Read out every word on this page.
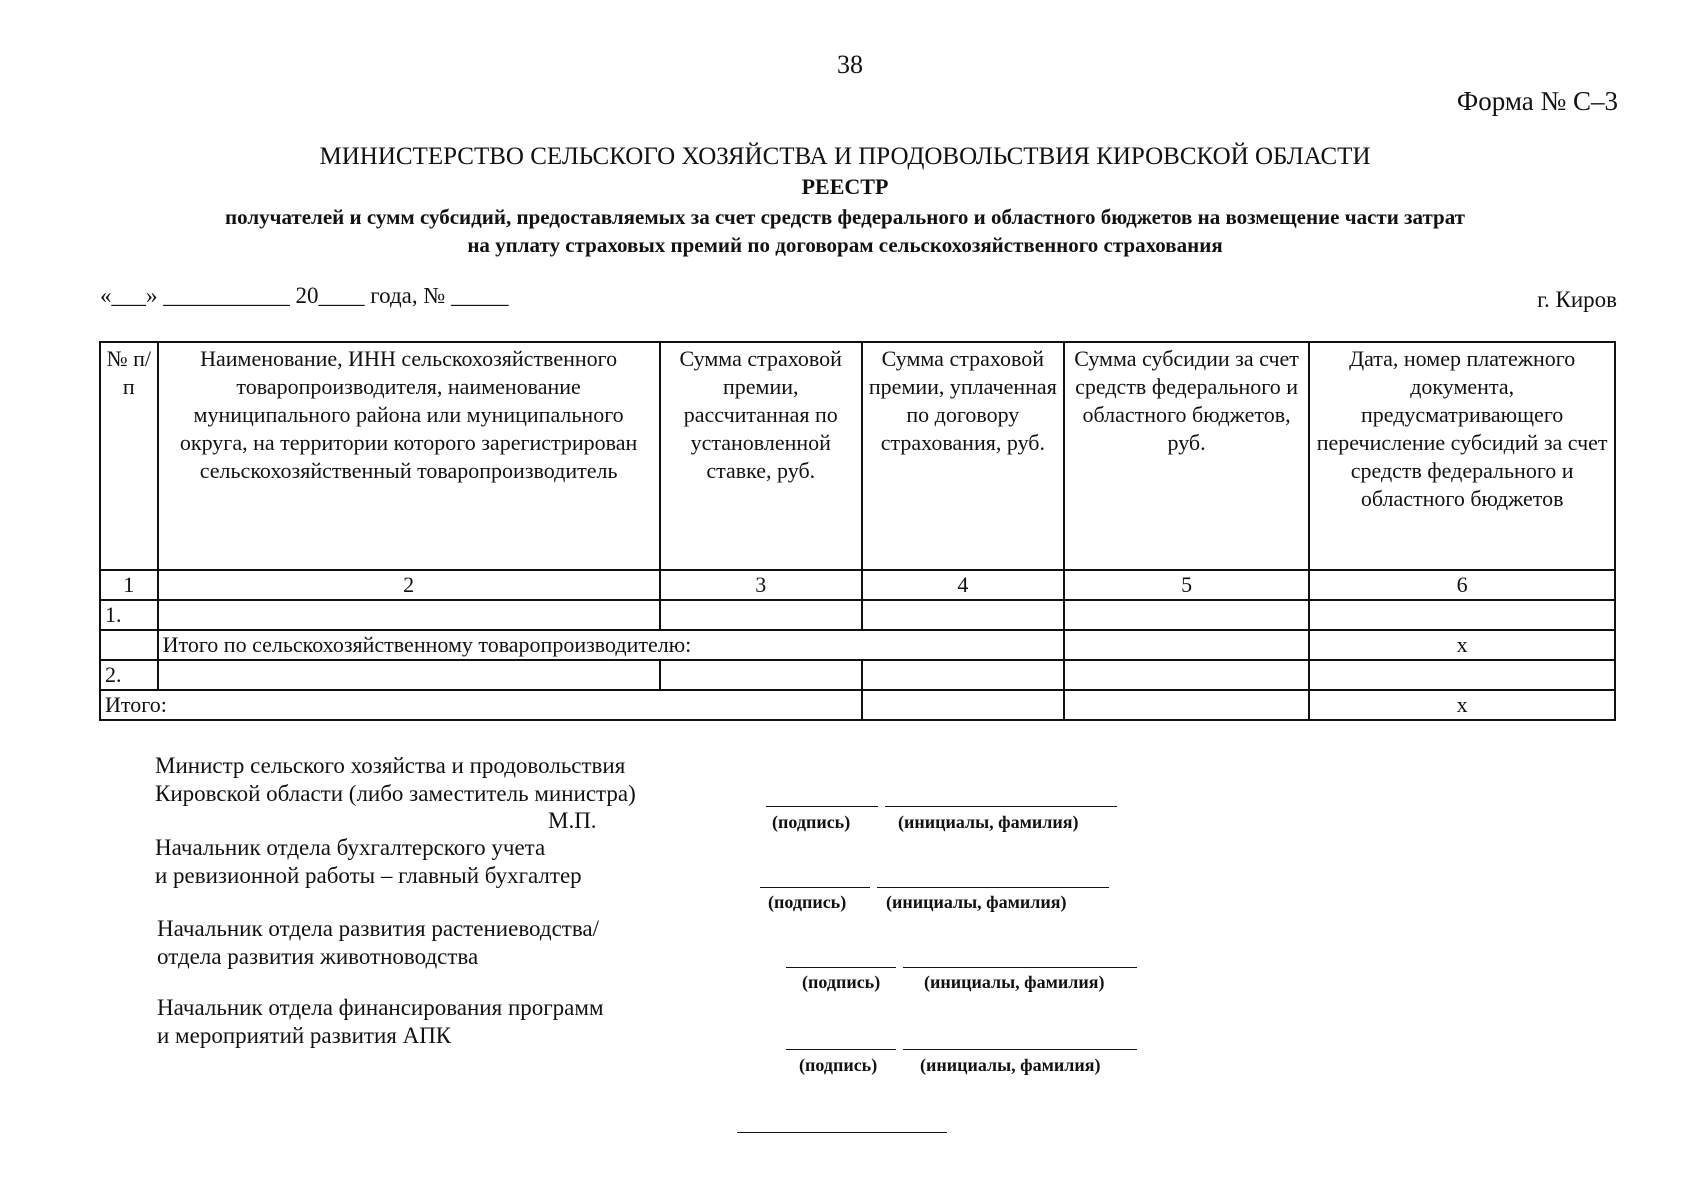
38
Форма № С–3
МИНИСТЕРСТВО СЕЛЬСКОГО ХОЗЯЙСТВА И ПРОДОВОЛЬСТВИЯ КИРОВСКОЙ ОБЛАСТИ
РЕЕСТР
получателей и сумм субсидий, предоставляемых за счет средств федерального и областного бюджетов на возмещение части затрат
на уплату страховых премий по договорам сельскохозяйственного страхования
«___» ___________ 20____ года, № _____	г. Киров
№ п/п	Наименование, ИНН сельскохозяйственного товаропроизводителя, наименование муниципального района или муниципального округа, на территории которого зарегистрирован сельскохозяйственный товаропроизводитель	Сумма страховой премии, рассчитанная по установленной ставке, руб.	Сумма страховой премии, уплаченная по договору страхования, руб.	Сумма субсидии за счет средств федерального и областного бюджетов, руб.	Дата, номер платежного документа, предусматривающего перечисление субсидий за счет средств федерального и областного бюджетов
1	2	3	4	5	6
1.					
	Итого по сельскохозяйственному товаропроизводителю:				х
2.					
Итого:					х
Министр сельского хозяйства и продовольствия
Кировской области (либо заместитель министра)
М.П.	(подпись)	(инициалы, фамилия)
Начальник отдела бухгалтерского учета
и ревизионной работы – главный бухгалтер
(подпись) (инициалы, фамилия)
Начальник отдела развития растениеводства/
отдела развития животноводства
(подпись) (инициалы, фамилия)
Начальник отдела финансирования программ
и мероприятий развития АПК
(подпись) (инициалы, фамилия)
